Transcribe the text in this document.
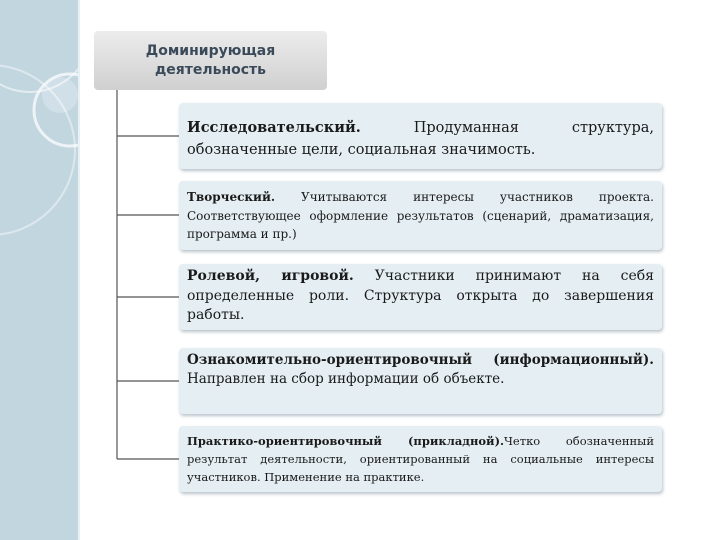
Доминирующая деятельность
Исследовательский. Продуманная структура, обозначенные цели, социальная значимость.
Творческий. Учитываются интересы участников проекта. Соответствующее оформление результатов (сценарий, драматизация, программа и пр.)
Ролевой, игровой. Участники принимают на себя определенные роли. Структура открыта до завершения работы.
Ознакомительно-ориентировочный (информационный). Направлен на сбор информации об объекте.
Практико-ориентировочный (прикладной).Четко обозначенный результат деятельности, ориентированный на социальные интересы участников. Применение на практике.
